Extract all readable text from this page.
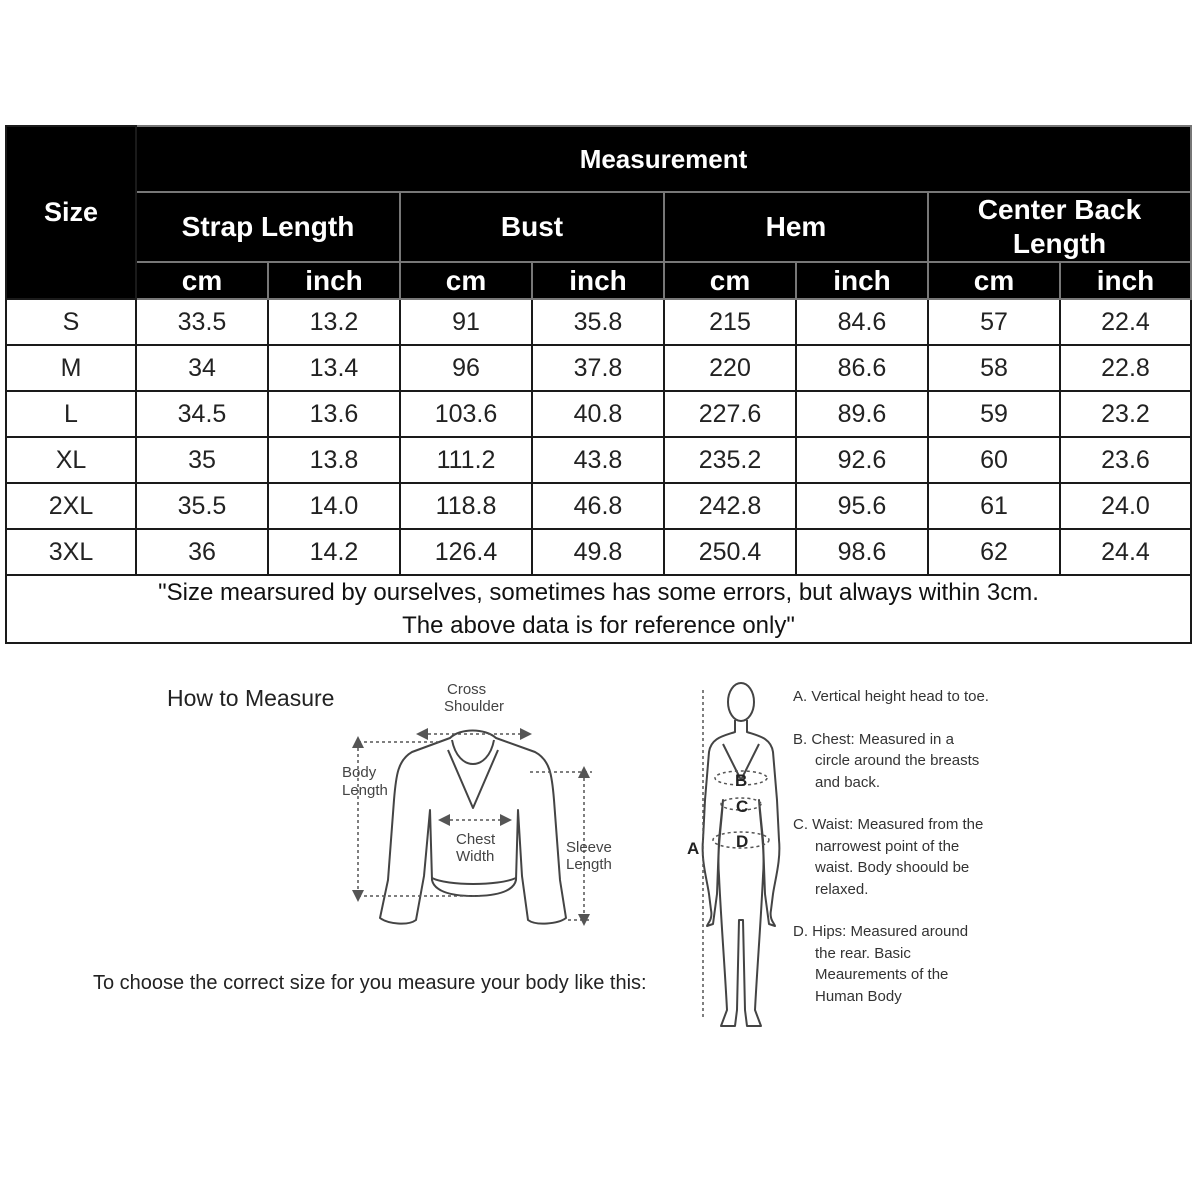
Size	Measurement							
	Strap Length		Bust		Hem		Center Back Length	
	cm	inch	cm	inch	cm	inch	cm	inch
S	33.5	13.2	91	35.8	215	84.6	57	22.4
M	34	13.4	96	37.8	220	86.6	58	22.8
L	34.5	13.6	103.6	40.8	227.6	89.6	59	23.2
XL	35	13.8	111.2	43.8	235.2	92.6	60	23.6
2XL	35.5	14.0	118.8	46.8	242.8	95.6	61	24.0
3XL	36	14.2	126.4	49.8	250.4	98.6	62	24.4
"Size mearsured by ourselves, sometimes has some errors, but always within 3cm.
The above data is for reference only"								
How to Measure	Cross
Shoulder
Body
Length
Chest
Width
Sleeve
Length
To choose the correct size for you measure your body like this:
B
C
D
A

A. Vertical height head to toe.

B. Chest: Measured in a circle around the breasts and back.

C. Waist: Measured from the narrowest point of the waist. Body shoould be relaxed.

D. Hips: Measured around the rear. Basic Meaurements of the Human Body
